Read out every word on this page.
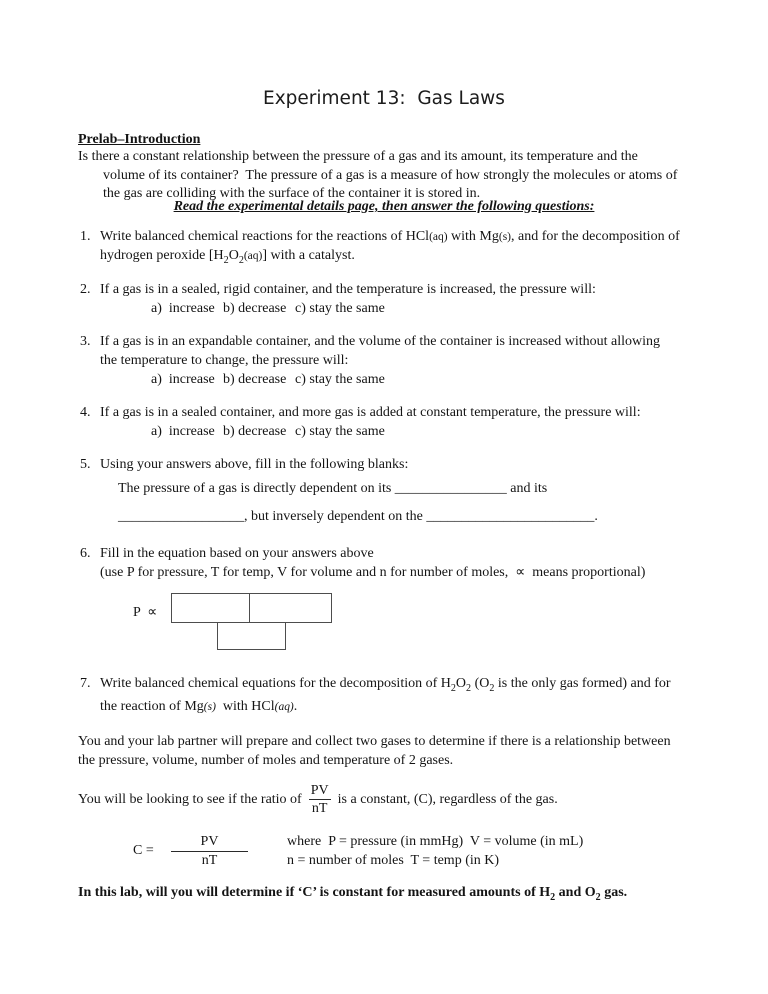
Experiment 13:  Gas Laws
Prelab–Introduction
Is there a constant relationship between the pressure of a gas and its amount, its temperature and the
volume of its container?  The pressure of a gas is a measure of how strongly the molecules or atoms of
the gas are colliding with the surface of the container it is stored in.
Read the experimental details page, then answer the following questions:
1. Write balanced chemical reactions for the reactions of HCl(aq) with Mg(s), and for the decomposition of
hydrogen peroxide $[H_2O_2(aq)]$ with a catalyst.
2. If a gas is in a sealed, rigid container, and the temperature is increased, the pressure will:
a)  increase b) decrease c) stay the same
3. If a gas is in an expandable container, and the volume of the container is increased without allowing
the temperature to change, the pressure will:
a)  increase b) decrease c) stay the same
4. If a gas is in a sealed container, and more gas is added at constant temperature, the pressure will:
a)  increase b) decrease c) stay the same
5. Using your answers above, fill in the following blanks:
The pressure of a gas is directly dependent on its ________________ and its
__________________, but inversely dependent on the ________________________.
6. Fill in the equation based on your answers above
(use P for pressure, T for temp, V for volume and n for number of moles,  ∝  means proportional)
P  ∝
7. Write balanced chemical equations for the decomposition of $H_2O_2$ ($O_2$ is the only gas formed) and for
the reaction of Mg(s)  with HCl(aq).
You and your lab partner will prepare and collect two gases to determine if there is a relationship between
the pressure, volume, number of moles and temperature of 2 gases.
You will be looking to see if the ratio of $\frac{PV}{nT}$ is a constant, (C), regardless of the gas.
$C = \frac{PV}{nT}$	where  P = pressure (in mmHg)  V = volume (in mL)
n = number of moles  T = temp (in K)
In this lab, will you will determine if ‘C’ is constant for measured amounts of $H_2$ and $O_2$ gas.
